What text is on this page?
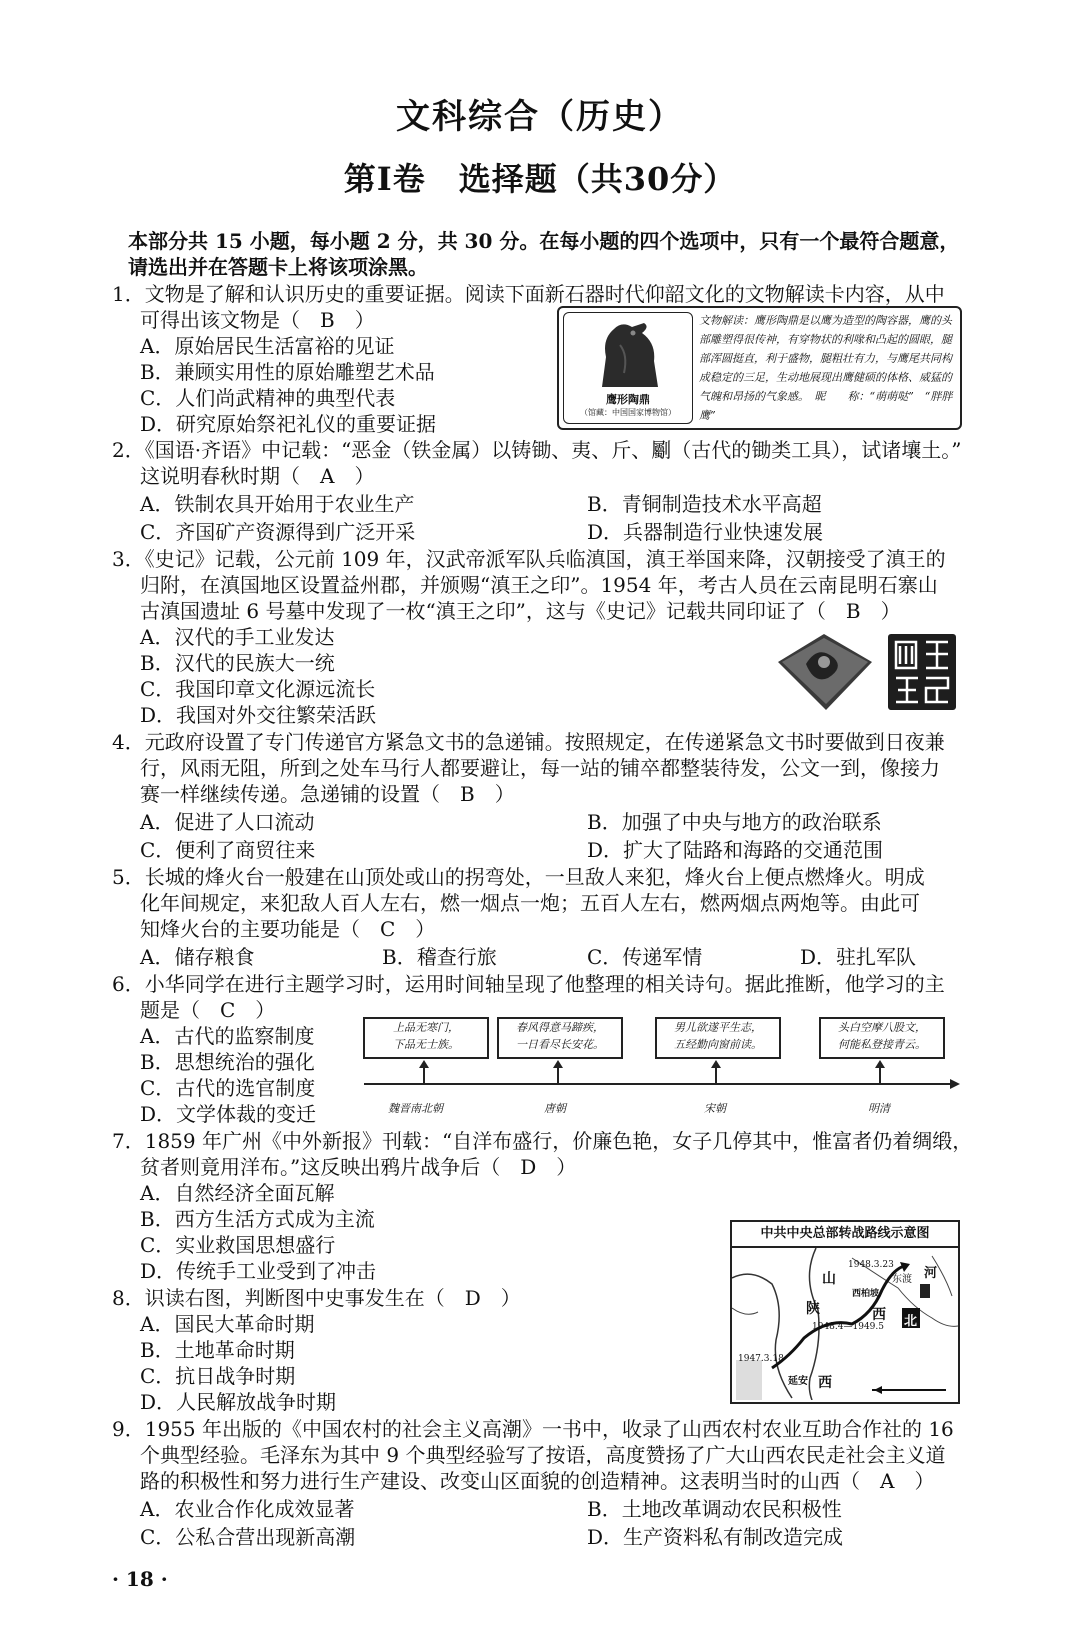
文科综合（历史）
第I卷　选择题（共30分）
本部分共 15 小题，每小题 2 分，共 30 分。在每小题的四个选项中，只有一个最符合题意，
请选出并在答题卡上将该项涂黑。
1．文物是了解和认识历史的重要证据。阅读下面新石器时代仰韶文化的文物解读卡内容，从中
可得出该文物是（　B　）
A．原始居民生活富裕的见证
B．兼顾实用性的原始雕塑艺术品
C．人们尚武精神的典型代表
D．研究原始祭祀礼仪的重要证据
鹰形陶鼎
（馆藏：中国国家博物馆）
文物解读：鹰形陶鼎是以鹰为造型的陶容器，鹰的头部雕塑得很传神，有穿物状的利喙和凸起的圆眼，腿部浑圆挺直，利于盛物，腿粗壮有力，与鹰尾共同构成稳定的三足，生动地展现出鹰健硕的体格、威猛的气魄和昂扬的气象感。　昵　　称：“萌萌哒”　“胖胖鹰”
2．《国语·齐语》中记载：“恶金（铁金属）以铸锄、夷、斤、劚（古代的锄类工具），试诸壤土。”
这说明春秋时期（　A　）
A．铁制农具开始用于农业生产	B．青铜制造技术水平高超
C．齐国矿产资源得到广泛开采	D．兵器制造行业快速发展
3．《史记》记载，公元前 109 年，汉武帝派军队兵临滇国，滇王举国来降，汉朝接受了滇王的
归附，在滇国地区设置益州郡，并颁赐“滇王之印”。1954 年，考古人员在云南昆明石寨山
古滇国遗址 6 号墓中发现了一枚“滇王之印”，这与《史记》记载共同印证了（　B　）
A．汉代的手工业发达
B．汉代的民族大一统
C．我国印章文化源远流长
D．我国对外交往繁荣活跃
4．元政府设置了专门传递官方紧急文书的急递铺。按照规定，在传递紧急文书时要做到日夜兼
行，风雨无阻，所到之处车马行人都要避让，每一站的铺卒都整装待发，公文一到，像接力
赛一样继续传递。急递铺的设置（　B　）
A．促进了人口流动	B．加强了中央与地方的政治联系
C．便利了商贸往来	D．扩大了陆路和海路的交通范围
5．长城的烽火台一般建在山顶处或山的拐弯处，一旦敌人来犯，烽火台上便点燃烽火。明成
化年间规定，来犯敌人百人左右，燃一烟点一炮；五百人左右，燃两烟点两炮等。由此可
知烽火台的主要功能是（　C　）
A．储存粮食	B．稽查行旅	C．传递军情	D．驻扎军队
6．小华同学在进行主题学习时，运用时间轴呈现了他整理的相关诗句。据此推断，他学习的主
题是（　C　）
A．古代的监察制度
B．思想统治的强化
C．古代的选官制度
D．文学体裁的变迁
上品无寒门，
下品无士族。
春风得意马蹄疾，
一日看尽长安花。
男儿欲遂平生志，
五经勤向窗前读。
头白空摩八股文，
何能私登接青云。
魏晋南北朝	唐朝	宋朝	明清
7．1859 年广州《中外新报》刊载：“自洋布盛行，价廉色艳，女子几停其中，惟富者仍着绸缎，
贫者则竟用洋布。”这反映出鸦片战争后（　D　）
A．自然经济全面瓦解
B．西方生活方式成为主流
C．实业救国思想盛行
D．传统手工业受到了冲击
8．识读右图，判断图中史事发生在（　D　）
A．国民大革命时期
B．土地革命时期
C．抗日战争时期
D．人民解放战争时期
中共中央总部转战路线示意图
1948.3.23
东渡 河
山
陕	西
延安
1947.3.18
西
北
1948.4—1949.5
西柏坡
9．1955 年出版的《中国农村的社会主义高潮》一书中，收录了山西农村农业互助合作社的 16
个典型经验。毛泽东为其中 9 个典型经验写了按语，高度赞扬了广大山西农民走社会主义道
路的积极性和努力进行生产建设、改变山区面貌的创造精神。这表明当时的山西（　A　）
A．农业合作化成效显著	B．土地改革调动农民积极性
C．公私合营出现新高潮	D．生产资料私有制改造完成
· 18 ·
